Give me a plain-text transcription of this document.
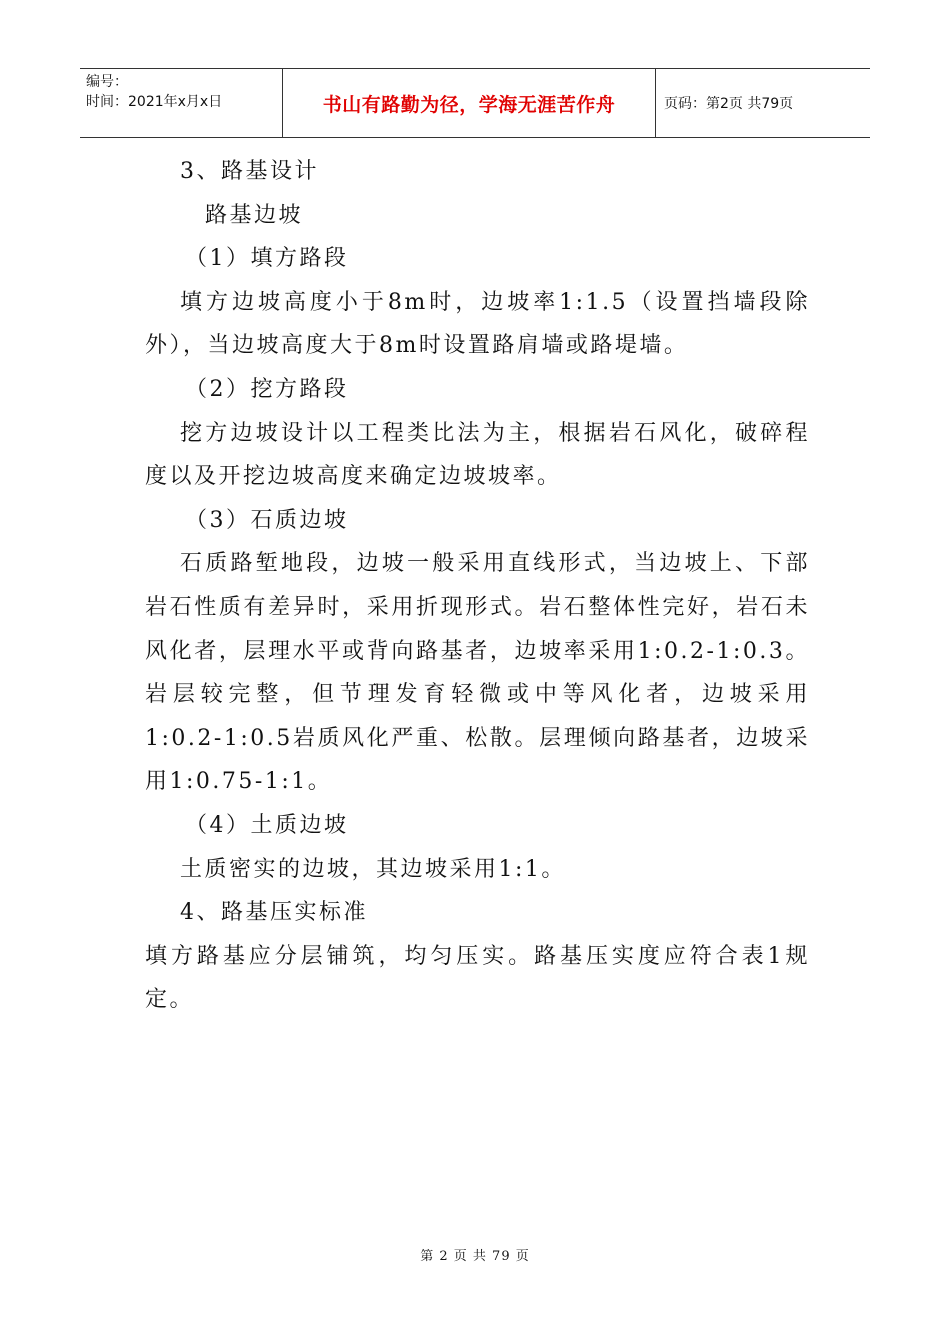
编号：
时间：2021年x月x日	书山有路勤为径，学海无涯苦作舟	页码：第2页 共79页

3、路基设计

路基边坡

（1）填方路段

填方边坡高度小于8m时，边坡率1:1.5（设置挡墙段除外），当边坡高度大于8m时设置路肩墙或路堤墙。

（2）挖方路段

挖方边坡设计以工程类比法为主，根据岩石风化，破碎程度以及开挖边坡高度来确定边坡坡率。

（3）石质边坡

石质路堑地段，边坡一般采用直线形式，当边坡上、下部岩石性质有差异时，采用折现形式。岩石整体性完好，岩石未风化者，层理水平或背向路基者，边坡率采用1:0.2-1:0.3。岩层较完整，但节理发育轻微或中等风化者，边坡采用1:0.2-1:0.5岩质风化严重、松散。层理倾向路基者，边坡采用1:0.75-1:1。

（4）土质边坡

土质密实的边坡，其边坡采用1:1。

4、路基压实标准

填方路基应分层铺筑，均匀压实。路基压实度应符合表1规定。

第 2 页 共 79 页
